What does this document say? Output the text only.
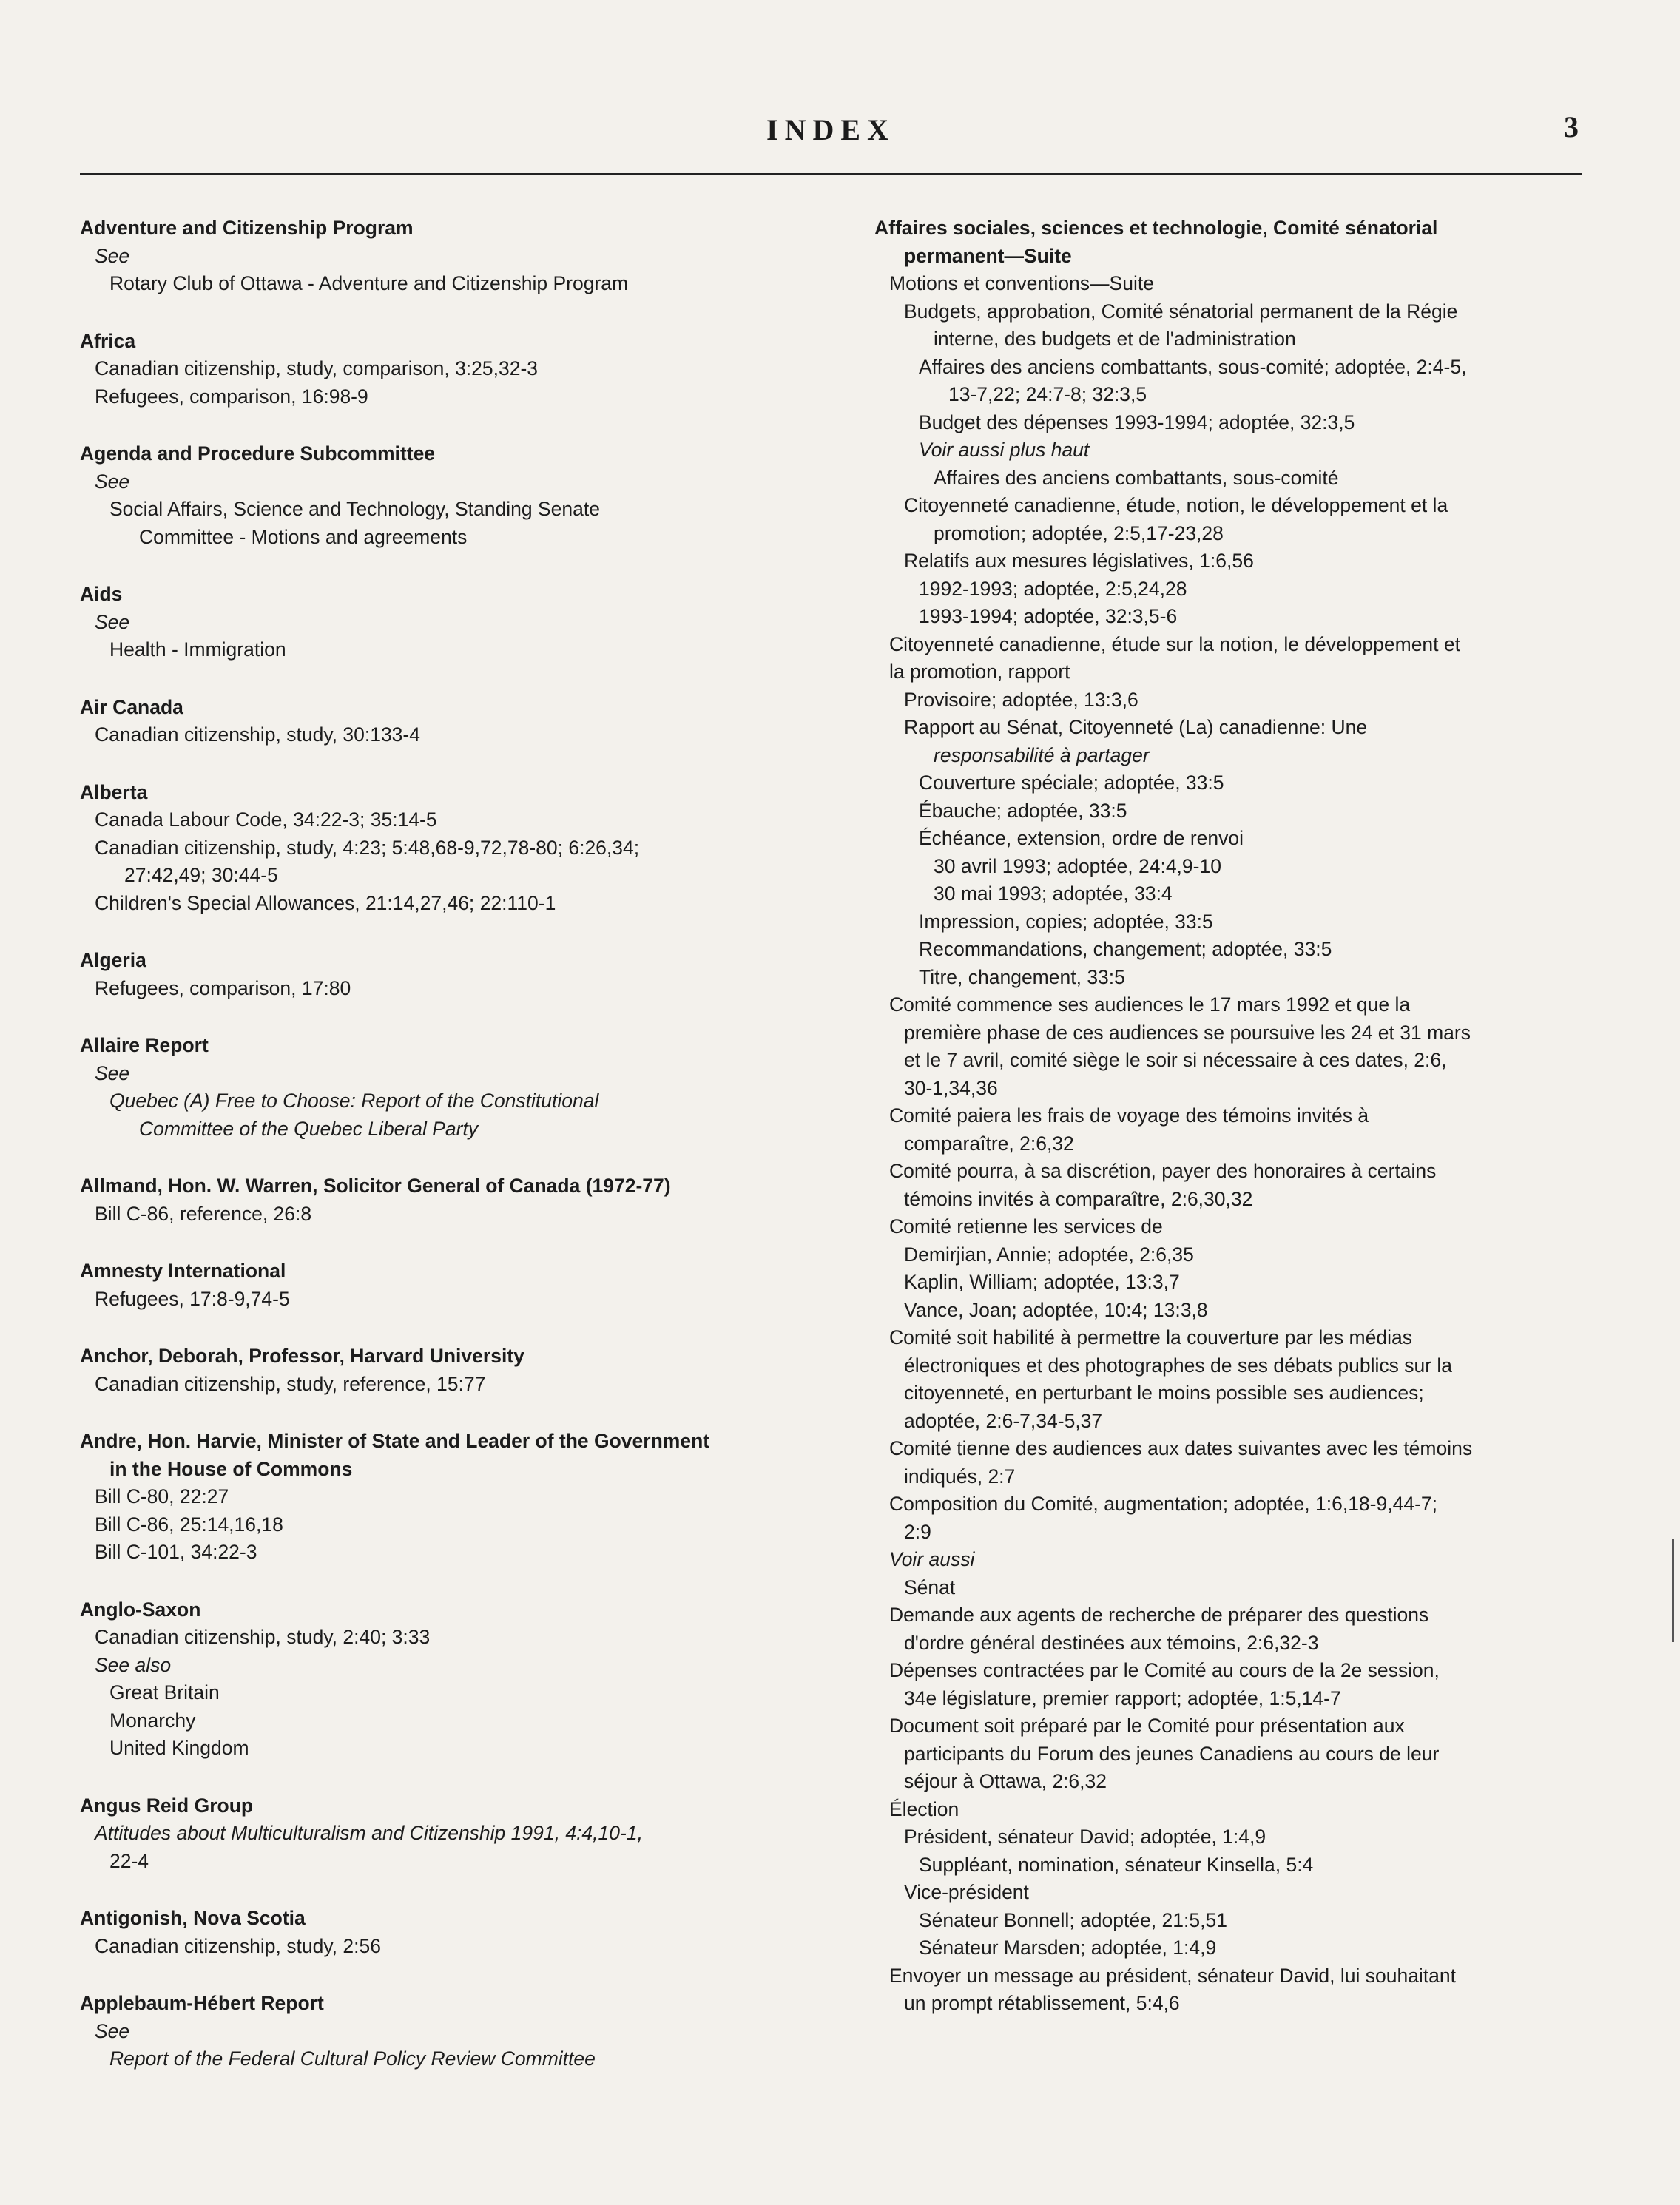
INDEX	3
Adventure and Citizenship Program
See
Rotary Club of Ottawa - Adventure and Citizenship Program
Africa
Canadian citizenship, study, comparison, 3:25,32-3
Refugees, comparison, 16:98-9
Agenda and Procedure Subcommittee
See
Social Affairs, Science and Technology, Standing Senate
Committee - Motions and agreements
Aids
See
Health - Immigration
Air Canada
Canadian citizenship, study, 30:133-4
Alberta
Canada Labour Code, 34:22-3; 35:14-5
Canadian citizenship, study, 4:23; 5:48,68-9,72,78-80; 6:26,34;
27:42,49; 30:44-5
Children's Special Allowances, 21:14,27,46; 22:110-1
Algeria
Refugees, comparison, 17:80
Allaire Report
See
Quebec (A) Free to Choose: Report of the Constitutional
Committee of the Quebec Liberal Party
Allmand, Hon. W. Warren, Solicitor General of Canada (1972-77)
Bill C-86, reference, 26:8
Amnesty International
Refugees, 17:8-9,74-5
Anchor, Deborah, Professor, Harvard University
Canadian citizenship, study, reference, 15:77
Andre, Hon. Harvie, Minister of State and Leader of the Government
in the House of Commons
Bill C-80, 22:27
Bill C-86, 25:14,16,18
Bill C-101, 34:22-3
Anglo-Saxon
Canadian citizenship, study, 2:40; 3:33
See also
Great Britain
Monarchy
United Kingdom
Angus Reid Group
Attitudes about Multiculturalism and Citizenship 1991, 4:4,10-1,
22-4
Antigonish, Nova Scotia
Canadian citizenship, study, 2:56
Applebaum-Hébert Report
See
Report of the Federal Cultural Policy Review Committee
Affaires sociales, sciences et technologie, Comité sénatorial
permanent—Suite
Motions et conventions—Suite
Budgets, approbation, Comité sénatorial permanent de la Régie
interne, des budgets et de l'administration
Affaires des anciens combattants, sous-comité; adoptée, 2:4-5,
13-7,22; 24:7-8; 32:3,5
Budget des dépenses 1993-1994; adoptée, 32:3,5
Voir aussi plus haut
Affaires des anciens combattants, sous-comité
Citoyenneté canadienne, étude, notion, le développement et la
promotion; adoptée, 2:5,17-23,28
Relatifs aux mesures législatives, 1:6,56
1992-1993; adoptée, 2:5,24,28
1993-1994; adoptée, 32:3,5-6
Citoyenneté canadienne, étude sur la notion, le développement et
la promotion, rapport
Provisoire; adoptée, 13:3,6
Rapport au Sénat, Citoyenneté (La) canadienne: Une
responsabilité à partager
Couverture spéciale; adoptée, 33:5
Ébauche; adoptée, 33:5
Échéance, extension, ordre de renvoi
30 avril 1993; adoptée, 24:4,9-10
30 mai 1993; adoptée, 33:4
Impression, copies; adoptée, 33:5
Recommandations, changement; adoptée, 33:5
Titre, changement, 33:5
Comité commence ses audiences le 17 mars 1992 et que la
première phase de ces audiences se poursuive les 24 et 31 mars
et le 7 avril, comité siège le soir si nécessaire à ces dates, 2:6,
30-1,34,36
Comité paiera les frais de voyage des témoins invités à
comparaître, 2:6,32
Comité pourra, à sa discrétion, payer des honoraires à certains
témoins invités à comparaître, 2:6,30,32
Comité retienne les services de
Demirjian, Annie; adoptée, 2:6,35
Kaplin, William; adoptée, 13:3,7
Vance, Joan; adoptée, 10:4; 13:3,8
Comité soit habilité à permettre la couverture par les médias
électroniques et des photographes de ses débats publics sur la
citoyenneté, en perturbant le moins possible ses audiences;
adoptée, 2:6-7,34-5,37
Comité tienne des audiences aux dates suivantes avec les témoins
indiqués, 2:7
Composition du Comité, augmentation; adoptée, 1:6,18-9,44-7;
2:9
Voir aussi
Sénat
Demande aux agents de recherche de préparer des questions
d'ordre général destinées aux témoins, 2:6,32-3
Dépenses contractées par le Comité au cours de la 2e session,
34e législature, premier rapport; adoptée, 1:5,14-7
Document soit préparé par le Comité pour présentation aux
participants du Forum des jeunes Canadiens au cours de leur
séjour à Ottawa, 2:6,32
Élection
Président, sénateur David; adoptée, 1:4,9
Suppléant, nomination, sénateur Kinsella, 5:4
Vice-président
Sénateur Bonnell; adoptée, 21:5,51
Sénateur Marsden; adoptée, 1:4,9
Envoyer un message au président, sénateur David, lui souhaitant
un prompt rétablissement, 5:4,6
